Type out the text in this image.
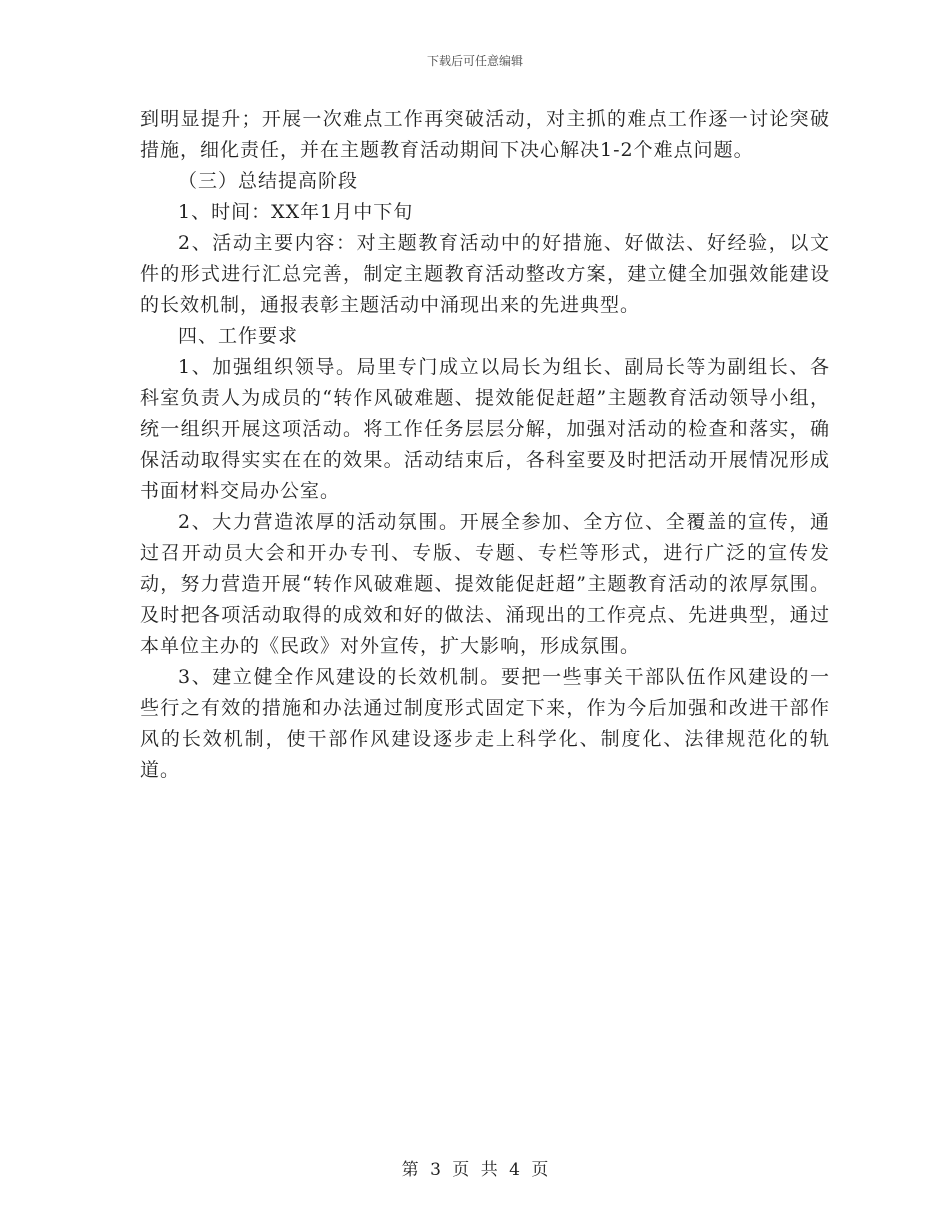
下载后可任意编辑

到明显提升；开展一次难点工作再突破活动，对主抓的难点工作逐一讨论突破措施，细化责任，并在主题教育活动期间下决心解决1-2个难点问题。

（三）总结提高阶段

1、时间：XX年1月中下旬

2、活动主要内容：对主题教育活动中的好措施、好做法、好经验，以文件的形式进行汇总完善，制定主题教育活动整改方案，建立健全加强效能建设的长效机制，通报表彰主题活动中涌现出来的先进典型。

四、工作要求

1、加强组织领导。局里专门成立以局长为组长、副局长等为副组长、各科室负责人为成员的“转作风破难题、提效能促赶超”主题教育活动领导小组，统一组织开展这项活动。将工作任务层层分解，加强对活动的检查和落实，确保活动取得实实在在的效果。活动结束后，各科室要及时把活动开展情况形成书面材料交局办公室。

2、大力营造浓厚的活动氛围。开展全参加、全方位、全覆盖的宣传，通过召开动员大会和开办专刊、专版、专题、专栏等形式，进行广泛的宣传发动，努力营造开展“转作风破难题、提效能促赶超”主题教育活动的浓厚氛围。及时把各项活动取得的成效和好的做法、涌现出的工作亮点、先进典型，通过本单位主办的《民政》对外宣传，扩大影响，形成氛围。

3、建立健全作风建设的长效机制。要把一些事关干部队伍作风建设的一些行之有效的措施和办法通过制度形式固定下来，作为今后加强和改进干部作风的长效机制，使干部作风建设逐步走上科学化、制度化、法律规范化的轨道。

第 3 页 共 4 页
